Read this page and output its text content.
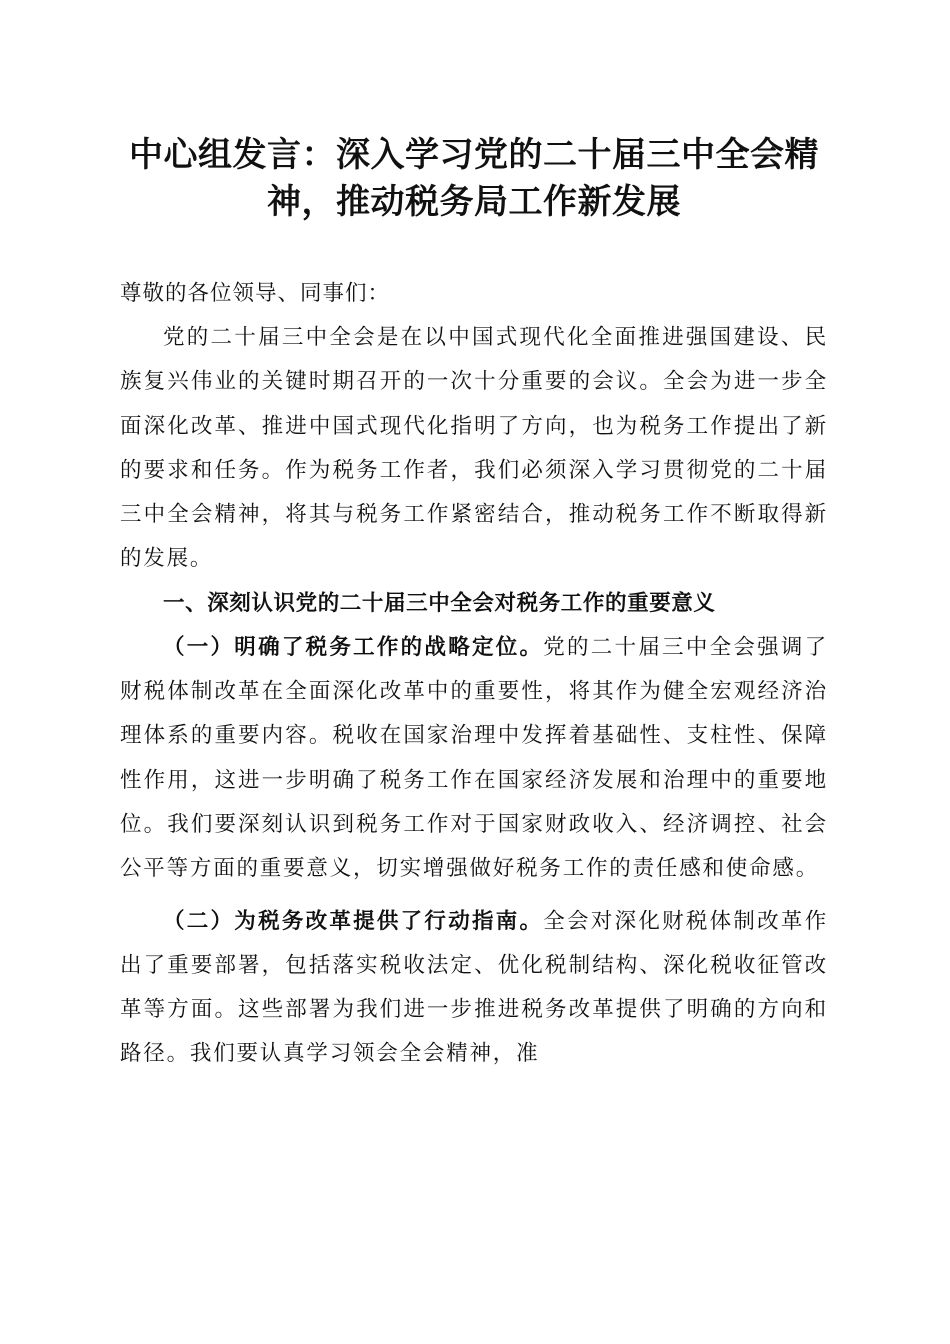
中心组发言：深入学习党的二十届三中全会精
神，推动税务局工作新发展

尊敬的各位领导、同事们：

党的二十届三中全会是在以中国式现代化全面推进强国建设、民族复兴伟业的关键时期召开的一次十分重要的会议。全会为进一步全面深化改革、推进中国式现代化指明了方向，也为税务工作提出了新的要求和任务。作为税务工作者，我们必须深入学习贯彻党的二十届三中全会精神，将其与税务工作紧密结合，推动税务工作不断取得新的发展。

一、深刻认识党的二十届三中全会对税务工作的重要意义

（一）明确了税务工作的战略定位。党的二十届三中全会强调了财税体制改革在全面深化改革中的重要性，将其作为健全宏观经济治理体系的重要内容。税收在国家治理中发挥着基础性、支柱性、保障性作用，这进一步明确了税务工作在国家经济发展和治理中的重要地位。我们要深刻认识到税务工作对于国家财政收入、经济调控、社会公平等方面的重要意义，切实增强做好税务工作的责任感和使命感。

（二）为税务改革提供了行动指南。全会对深化财税体制改革作出了重要部署，包括落实税收法定、优化税制结构、深化税收征管改革等方面。这些部署为我们进一步推进税务改革提供了明确的方向和路径。我们要认真学习领会全会精神，准
